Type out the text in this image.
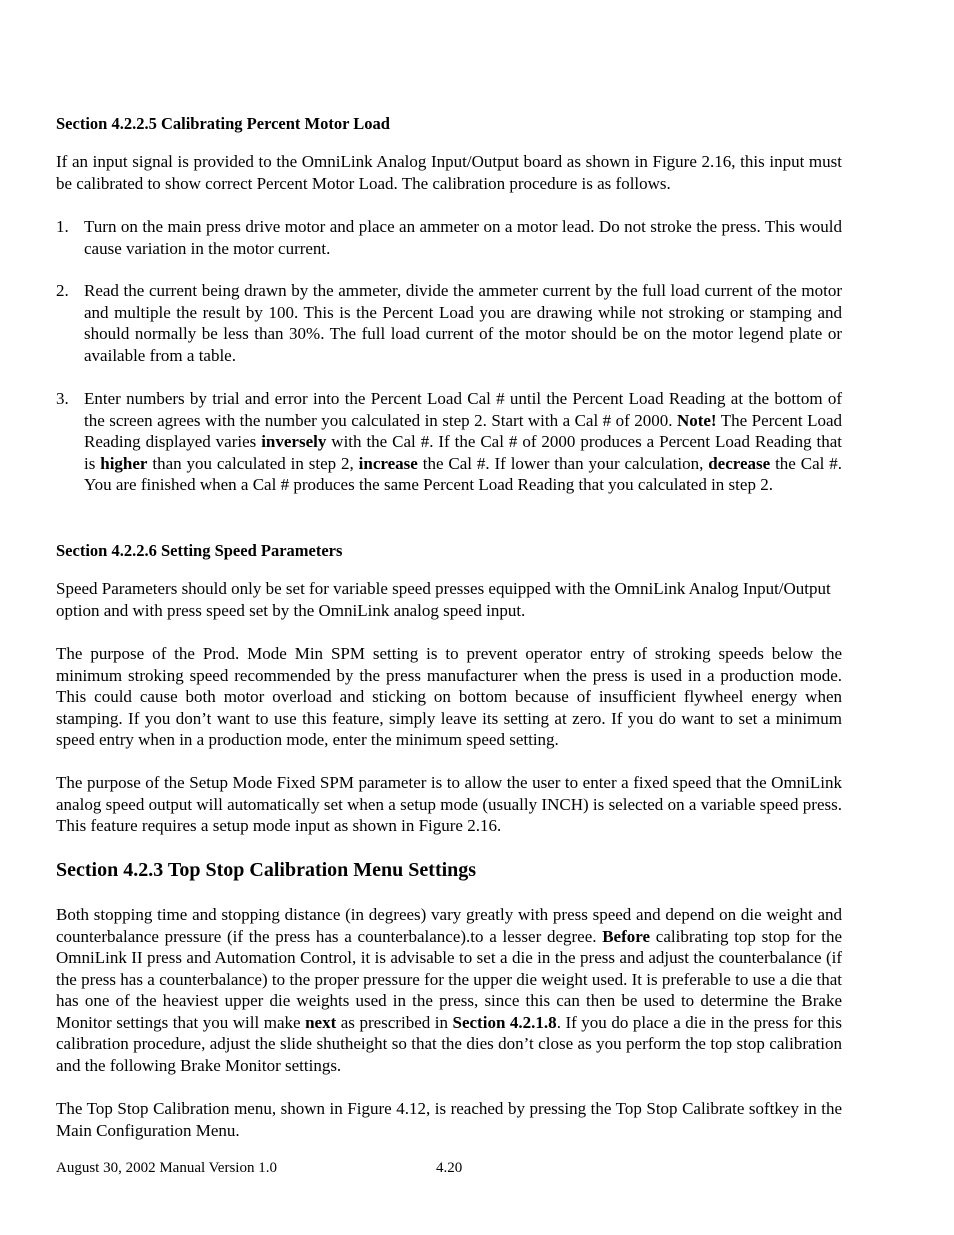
Section 4.2.2.5 Calibrating Percent Motor Load

If an input signal is provided to the OmniLink Analog Input/Output board as shown in Figure 2.16, this input must be calibrated to show correct Percent Motor Load. The calibration procedure is as follows.

1. Turn on the main press drive motor and place an ammeter on a motor lead. Do not stroke the press. This would cause variation in the motor current.
2. Read the current being drawn by the ammeter, divide the ammeter current by the full load current of the motor and multiple the result by 100. This is the Percent Load you are drawing while not stroking or stamping and should normally be less than 30%. The full load current of the motor should be on the motor legend plate or available from a table.
3. Enter numbers by trial and error into the Percent Load Cal # until the Percent Load Reading at the bottom of the screen agrees with the number you calculated in step 2. Start with a Cal # of 2000. Note! The Percent Load Reading displayed varies inversely with the Cal #. If the Cal # of 2000 produces a Percent Load Reading that is higher than you calculated in step 2, increase the Cal #. If lower than your calculation, decrease the Cal #. You are finished when a Cal # produces the same Percent Load Reading that you calculated in step 2.

Section 4.2.2.6 Setting Speed Parameters

Speed Parameters should only be set for variable speed presses equipped with the OmniLink Analog Input/Output option and with press speed set by the OmniLink analog speed input.

The purpose of the Prod. Mode Min SPM setting is to prevent operator entry of stroking speeds below the minimum stroking speed recommended by the press manufacturer when the press is used in a production mode. This could cause both motor overload and sticking on bottom because of insufficient flywheel energy when stamping. If you don’t want to use this feature, simply leave its setting at zero. If you do want to set a minimum speed entry when in a production mode, enter the minimum speed setting.

The purpose of the Setup Mode Fixed SPM parameter is to allow the user to enter a fixed speed that the OmniLink analog speed output will automatically set when a setup mode (usually INCH) is selected on a variable speed press. This feature requires a setup mode input as shown in Figure 2.16.

Section 4.2.3 Top Stop Calibration Menu Settings

Both stopping time and stopping distance (in degrees) vary greatly with press speed and depend on die weight and counterbalance pressure (if the press has a counterbalance).to a lesser degree. Before calibrating top stop for the OmniLink II press and Automation Control, it is advisable to set a die in the press and adjust the counterbalance (if the press has a counterbalance) to the proper pressure for the upper die weight used. It is preferable to use a die that has one of the heaviest upper die weights used in the press, since this can then be used to determine the Brake Monitor settings that you will make next as prescribed in Section 4.2.1.8. If you do place a die in the press for this calibration procedure, adjust the slide shutheight so that the dies don’t close as you perform the top stop calibration and the following Brake Monitor settings.

The Top Stop Calibration menu, shown in Figure 4.12, is reached by pressing the Top Stop Calibrate softkey in the Main Configuration Menu.

August 30, 2002 Manual Version 1.0	4.20
